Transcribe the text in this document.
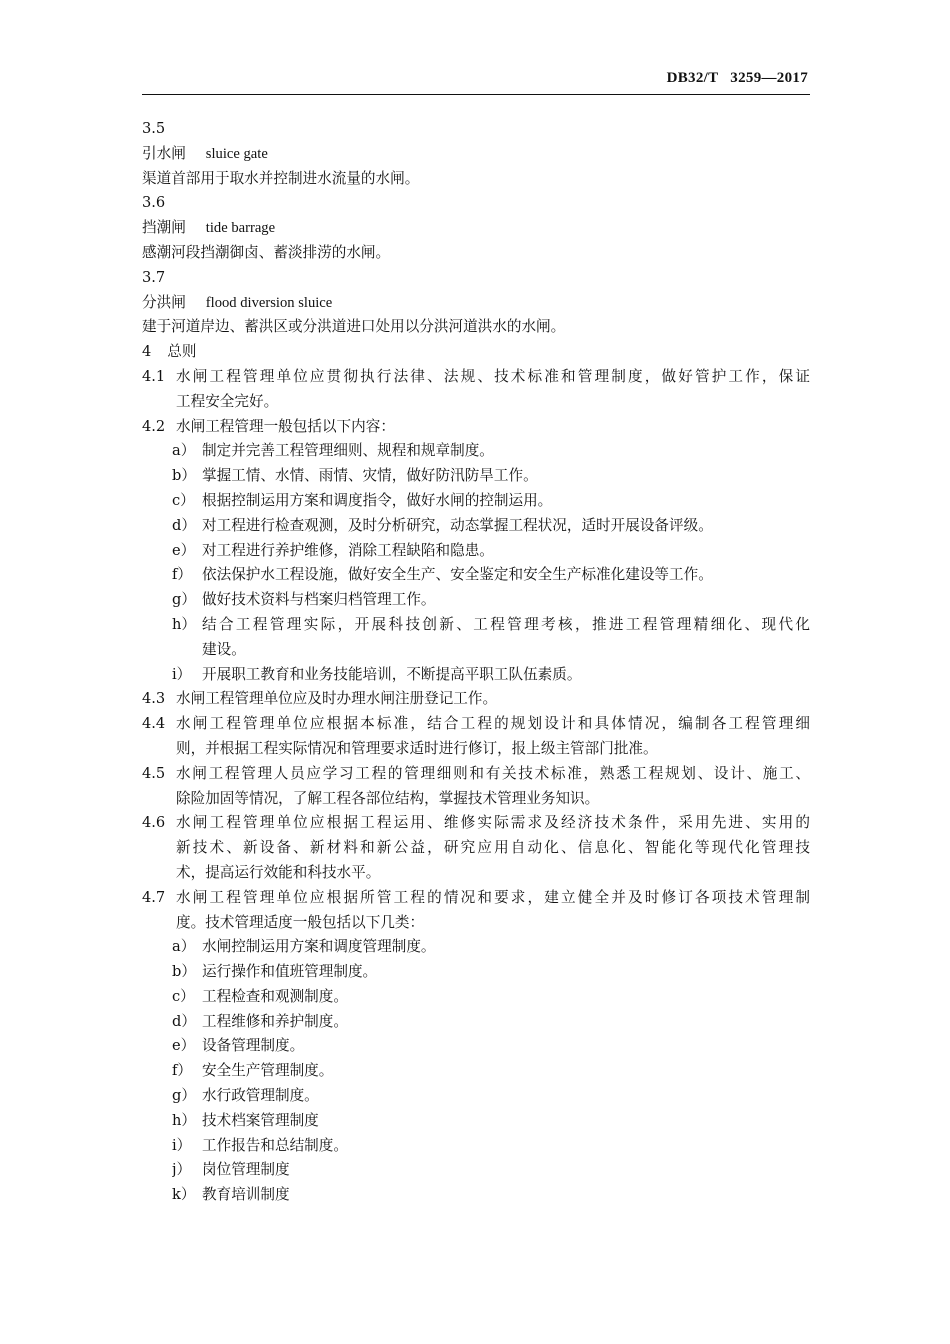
DB32/T   3259—2017
3.5
引水闸 sluice gate
渠道首部用于取水并控制进水流量的水闸。
3.6
挡潮闸 tide barrage
感潮河段挡潮御卤、蓄淡排涝的水闸。
3.7
分洪闸 flood diversion sluice
建于河道岸边、蓄洪区或分洪道进口处用以分洪河道洪水的水闸。
4 总则
4.1 水闸工程管理单位应贯彻执行法律、法规、技术标准和管理制度，做好管护工作，保证
工程安全完好。
4.2 水闸工程管理一般包括以下内容：
a） 制定并完善工程管理细则、规程和规章制度。
b） 掌握工情、水情、雨情、灾情，做好防汛防旱工作。
c） 根据控制运用方案和调度指令，做好水闸的控制运用。
d） 对工程进行检查观测，及时分析研究，动态掌握工程状况，适时开展设备评级。
e） 对工程进行养护维修，消除工程缺陷和隐患。
f） 依法保护水工程设施，做好安全生产、安全鉴定和安全生产标准化建设等工作。
g） 做好技术资料与档案归档管理工作。
h） 结合工程管理实际，开展科技创新、工程管理考核，推进工程管理精细化、现代化
建设。
i） 开展职工教育和业务技能培训，不断提高平职工队伍素质。
4.3 水闸工程管理单位应及时办理水闸注册登记工作。
4.4 水闸工程管理单位应根据本标准，结合工程的规划设计和具体情况，编制各工程管理细
则，并根据工程实际情况和管理要求适时进行修订，报上级主管部门批准。
4.5 水闸工程管理人员应学习工程的管理细则和有关技术标准，熟悉工程规划、设计、施工、
除险加固等情况，了解工程各部位结构，掌握技术管理业务知识。
4.6 水闸工程管理单位应根据工程运用、维修实际需求及经济技术条件，采用先进、实用的
新技术、新设备、新材料和新公益，研究应用自动化、信息化、智能化等现代化管理技
术，提高运行效能和科技水平。
4.7 水闸工程管理单位应根据所管工程的情况和要求，建立健全并及时修订各项技术管理制
度。技术管理适度一般包括以下几类：
a） 水闸控制运用方案和调度管理制度。
b） 运行操作和值班管理制度。
c） 工程检查和观测制度。
d） 工程维修和养护制度。
e） 设备管理制度。
f） 安全生产管理制度。
g） 水行政管理制度。
h） 技术档案管理制度
i） 工作报告和总结制度。
j） 岗位管理制度
k） 教育培训制度
